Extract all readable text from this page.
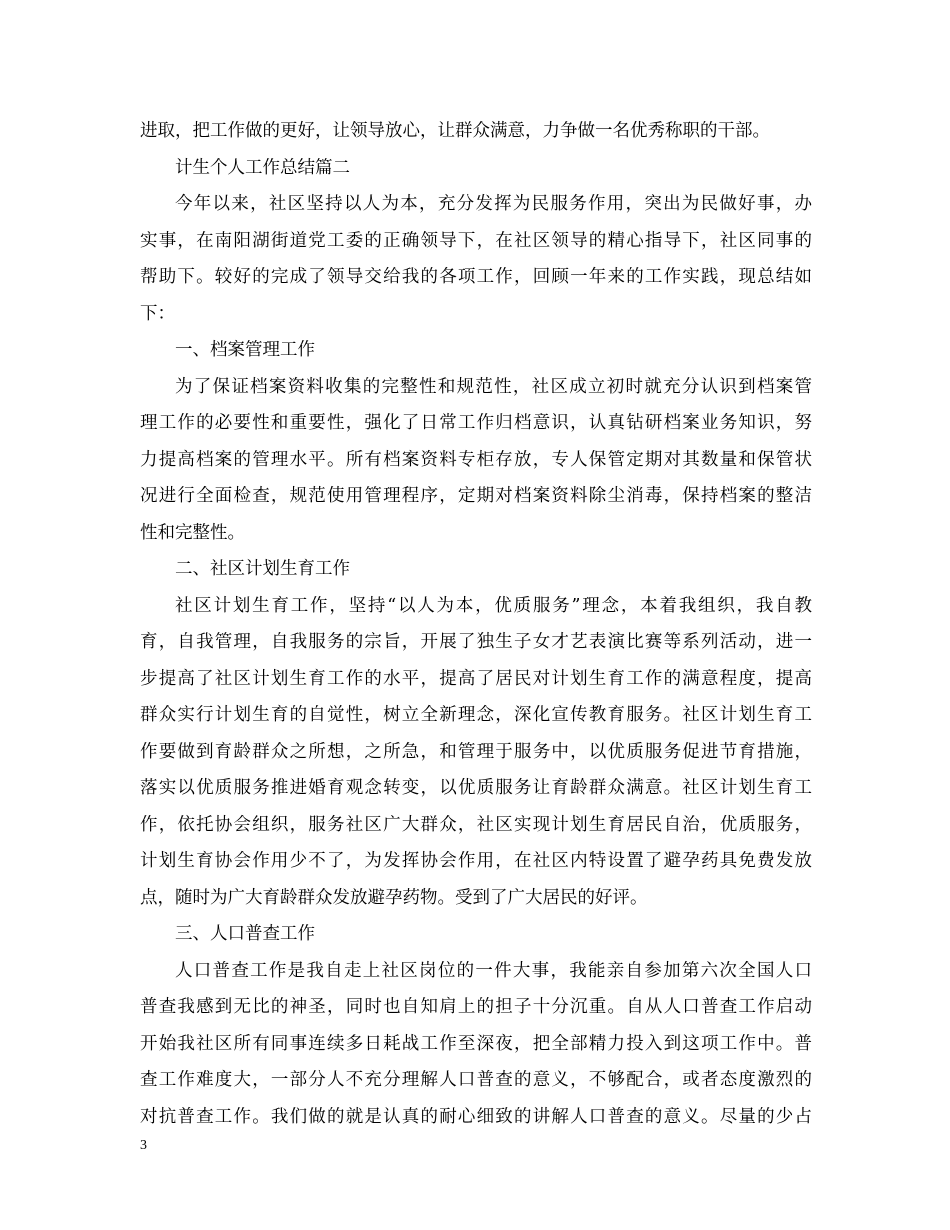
进取，把工作做的更好，让领导放心，让群众满意，力争做一名优秀称职的干部。
计生个人工作总结篇二
今年以来，社区坚持以人为本，充分发挥为民服务作用，突出为民做好事，办
实事，在南阳湖街道党工委的正确领导下，在社区领导的精心指导下，社区同事的
帮助下。较好的完成了领导交给我的各项工作，回顾一年来的工作实践，现总结如
下：
一、档案管理工作
为了保证档案资料收集的完整性和规范性，社区成立初时就充分认识到档案管
理工作的必要性和重要性，强化了日常工作归档意识，认真钻研档案业务知识，努
力提高档案的管理水平。所有档案资料专柜存放，专人保管定期对其数量和保管状
况进行全面检查，规范使用管理程序，定期对档案资料除尘消毒，保持档案的整洁
性和完整性。
二、社区计划生育工作
社区计划生育工作，坚持“以人为本，优质服务”理念，本着我组织，我自教
育，自我管理，自我服务的宗旨，开展了独生子女才艺表演比赛等系列活动，进一
步提高了社区计划生育工作的水平，提高了居民对计划生育工作的满意程度，提高
群众实行计划生育的自觉性，树立全新理念，深化宣传教育服务。社区计划生育工
作要做到育龄群众之所想，之所急，和管理于服务中，以优质服务促进节育措施，
落实以优质服务推进婚育观念转变，以优质服务让育龄群众满意。社区计划生育工
作，依托协会组织，服务社区广大群众，社区实现计划生育居民自治，优质服务，
计划生育协会作用少不了，为发挥协会作用，在社区内特设置了避孕药具免费发放
点，随时为广大育龄群众发放避孕药物。受到了广大居民的好评。
三、人口普查工作
人口普查工作是我自走上社区岗位的一件大事，我能亲自参加第六次全国人口
普查我感到无比的神圣，同时也自知肩上的担子十分沉重。自从人口普查工作启动
开始我社区所有同事连续多日耗战工作至深夜，把全部精力投入到这项工作中。普
查工作难度大，一部分人不充分理解人口普查的意义，不够配合，或者态度激烈的
对抗普查工作。我们做的就是认真的耐心细致的讲解人口普查的意义。尽量的少占
3
